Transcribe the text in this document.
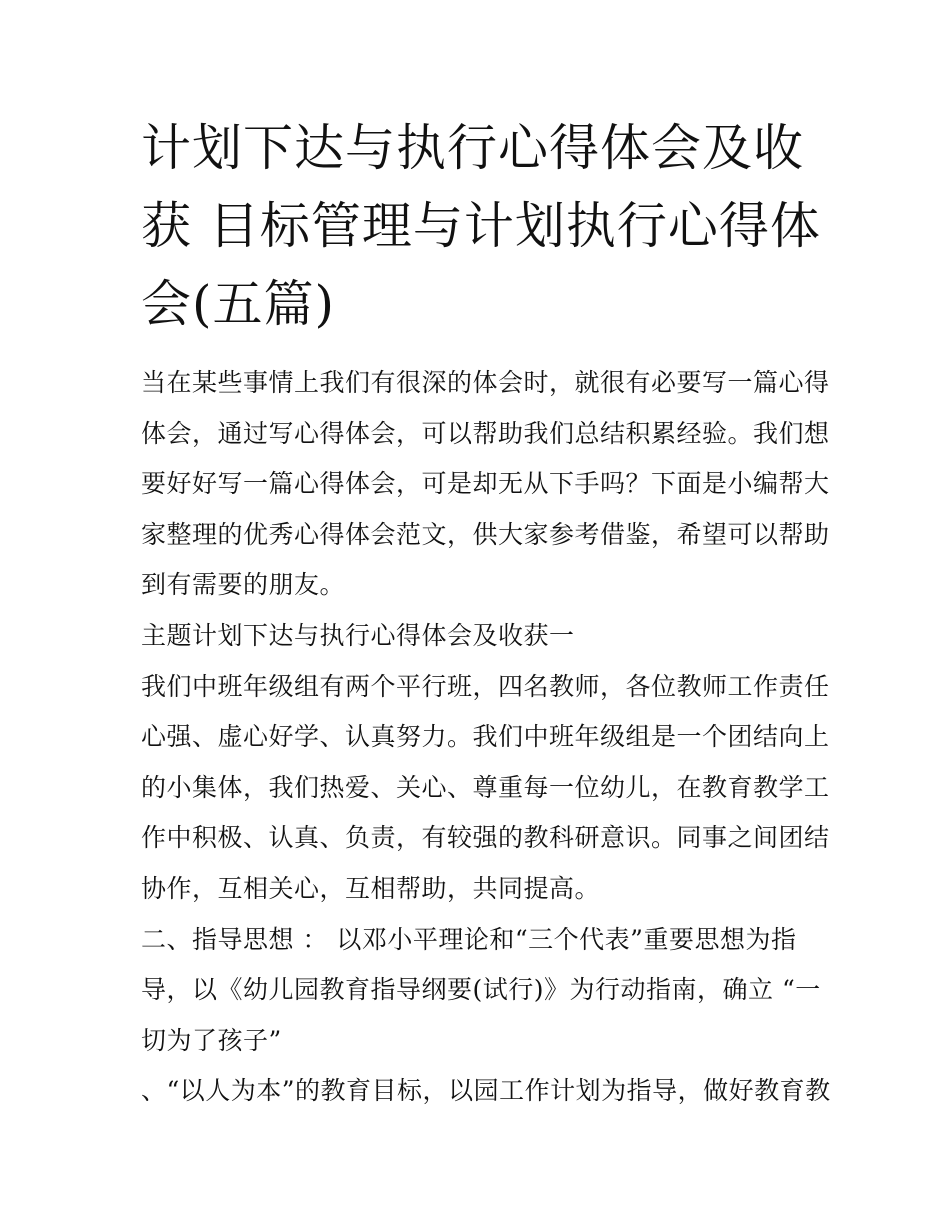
计划下达与执行心得体会及收
获 目标管理与计划执行心得体
会(五篇)
当在某些事情上我们有很深的体会时，就很有必要写一篇心得
体会，通过写心得体会，可以帮助我们总结积累经验。我们想
要好好写一篇心得体会，可是却无从下手吗？下面是小编帮大
家整理的优秀心得体会范文，供大家参考借鉴，希望可以帮助
到有需要的朋友。
主题计划下达与执行心得体会及收获一
我们中班年级组有两个平行班，四名教师，各位教师工作责任
心强、虚心好学、认真努力。我们中班年级组是一个团结向上
的小集体，我们热爱、关心、尊重每一位幼儿，在教育教学工
作中积极、认真、负责，有较强的教科研意识。同事之间团结
协作，互相关心，互相帮助，共同提高。
二、指导思想 ： 以邓小平理论和“三个代表”重要思想为指
导，以《幼儿园教育指导纲要(试行)》为行动指南，确立 “一
切为了孩子”
、“以人为本”的教育目标，以园工作计划为指导，做好教育教
